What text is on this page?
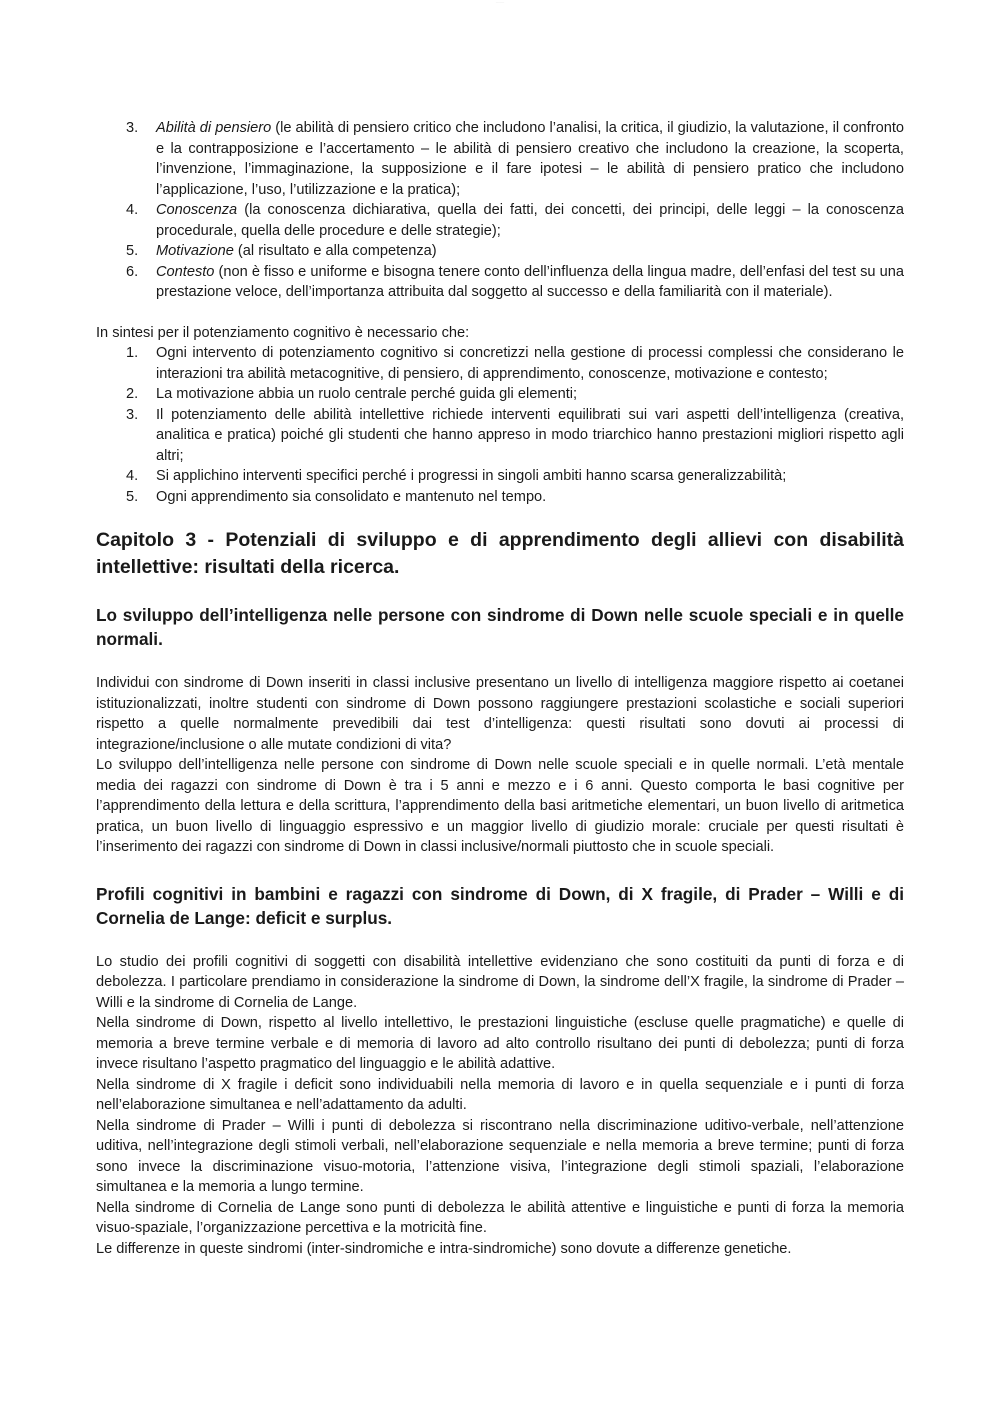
··· ·····
3. Abilità di pensiero (le abilità di pensiero critico che includono l’analisi, la critica, il giudizio, la valutazione, il confronto e la contrapposizione e l’accertamento – le abilità di pensiero creativo che includono la creazione, la scoperta, l’invenzione, l’immaginazione, la supposizione e il fare ipotesi – le abilità di pensiero pratico che includono l’applicazione, l’uso, l’utilizzazione e la pratica);
4. Conoscenza (la conoscenza dichiarativa, quella dei fatti, dei concetti, dei principi, delle leggi – la conoscenza procedurale, quella delle procedure e delle strategie);
5. Motivazione (al risultato e alla competenza)
6. Contesto (non è fisso e uniforme e bisogna tenere conto dell’influenza della lingua madre, dell’enfasi del test su una prestazione veloce, dell’importanza attribuita dal soggetto al successo e della familiarità con il materiale).

In sintesi per il potenziamento cognitivo è necessario che:

1. Ogni intervento di potenziamento cognitivo si concretizzi nella gestione di processi complessi che considerano le interazioni tra abilità metacognitive, di pensiero, di apprendimento, conoscenze, motivazione e contesto;
2. La motivazione abbia un ruolo centrale perché guida gli elementi;
3. Il potenziamento delle abilità intellettive richiede interventi equilibrati sui vari aspetti dell’intelligenza (creativa, analitica e pratica) poiché gli studenti che hanno appreso in modo triarchico hanno prestazioni migliori rispetto agli altri;
4. Si applichino interventi specifici perché i progressi in singoli ambiti hanno scarsa generalizzabilità;
5. Ogni apprendimento sia consolidato e mantenuto nel tempo.
Capitolo 3 - Potenziali di sviluppo e di apprendimento degli allievi con disabilità intellettive: risultati della ricerca.
Lo sviluppo dell’intelligenza nelle persone con sindrome di Down nelle scuole speciali e in quelle normali.

Individui con sindrome di Down inseriti in classi inclusive presentano un livello di intelligenza maggiore rispetto ai coetanei istituzionalizzati, inoltre studenti con sindrome di Down possono raggiungere prestazioni scolastiche e sociali superiori rispetto a quelle normalmente prevedibili dai test d’intelligenza: questi risultati sono dovuti ai processi di integrazione/inclusione o alle mutate condizioni di vita?

Lo sviluppo dell’intelligenza nelle persone con sindrome di Down nelle scuole speciali e in quelle normali. L’età mentale media dei ragazzi con sindrome di Down è tra i 5 anni e mezzo e i 6 anni. Questo comporta le basi cognitive per l’apprendimento della lettura e della scrittura, l’apprendimento della basi aritmetiche elementari, un buon livello di aritmetica pratica, un buon livello di linguaggio espressivo e un maggior livello di giudizio morale: cruciale per questi risultati è l’inserimento dei ragazzi con sindrome di Down in classi inclusive/normali piuttosto che in scuole speciali.

Profili cognitivi in bambini e ragazzi con sindrome di Down, di X fragile, di Prader – Willi e di Cornelia de Lange: deficit e surplus.

Lo studio dei profili cognitivi di soggetti con disabilità intellettive evidenziano che sono costituiti da punti di forza e di debolezza. I particolare prendiamo in considerazione la sindrome di Down, la sindrome dell’X fragile, la sindrome di Prader – Willi e la sindrome di Cornelia de Lange.

Nella sindrome di Down, rispetto al livello intellettivo, le prestazioni linguistiche (escluse quelle pragmatiche) e quelle di memoria a breve termine verbale e di memoria di lavoro ad alto controllo risultano dei punti di debolezza; punti di forza invece risultano l’aspetto pragmatico del linguaggio e le abilità adattive.

Nella sindrome di X fragile i deficit sono individuabili nella memoria di lavoro e in quella sequenziale e i punti di forza nell’elaborazione simultanea e nell’adattamento da adulti.

Nella sindrome di Prader – Willi i punti di debolezza si riscontrano nella discriminazione uditivo-verbale, nell’attenzione uditiva, nell’integrazione degli stimoli verbali, nell’elaborazione sequenziale e nella memoria a breve termine; punti di forza sono invece la discriminazione visuo-motoria, l’attenzione visiva, l’integrazione degli stimoli spaziali, l’elaborazione simultanea e la memoria a lungo termine.

Nella sindrome di Cornelia de Lange sono punti di debolezza le abilità attentive e linguistiche e punti di forza la memoria visuo-spaziale, l’organizzazione percettiva e la motricità fine.

Le differenze in queste sindromi (inter-sindromiche e intra-sindromiche) sono dovute a differenze genetiche.
